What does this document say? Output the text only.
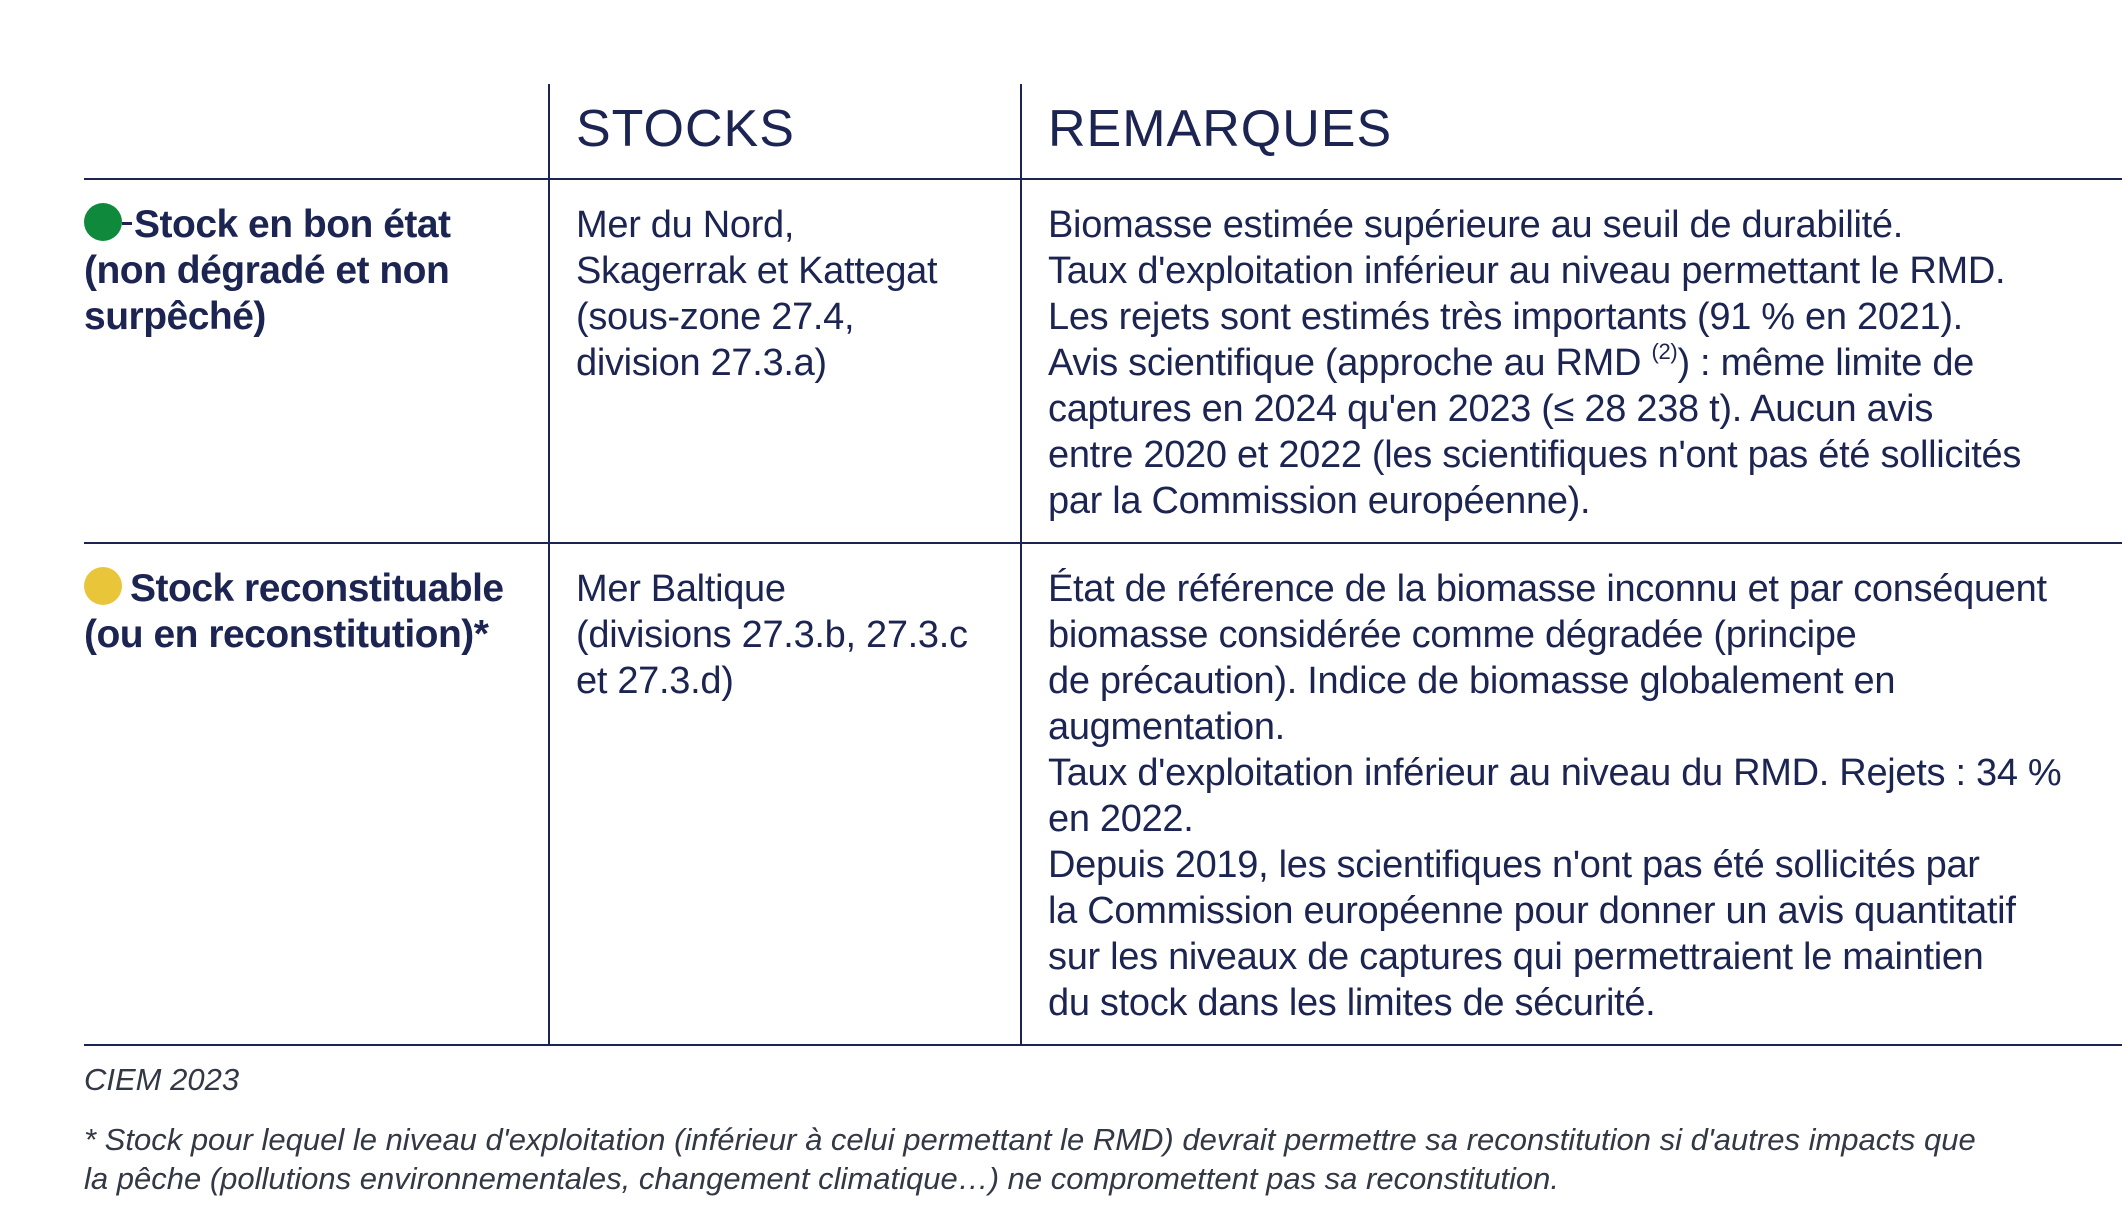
STOCKS	REMARQUES
Stock en bon état
(non dégradé et non
surpêché)
Mer du Nord,
Skagerrak et Kattegat
(sous-zone 27.4,
division 27.3.a)
Biomasse estimée supérieure au seuil de durabilité.
Taux d'exploitation inférieur au niveau permettant le RMD.
Les rejets sont estimés très importants (91 % en 2021).
Avis scientifique (approche au RMD $^{(2)}$) : même limite de
captures en 2024 qu'en 2023 (≤ 28 238 t). Aucun avis
entre 2020 et 2022 (les scientifiques n'ont pas été sollicités
par la Commission européenne).
Stock reconstituable
(ou en reconstitution)*
Mer Baltique
(divisions 27.3.b, 27.3.c
et 27.3.d)
État de référence de la biomasse inconnu et par conséquent
biomasse considérée comme dégradée (principe
de précaution). Indice de biomasse globalement en
augmentation.
Taux d'exploitation inférieur au niveau du RMD. Rejets : 34 %
en 2022.
Depuis 2019, les scientifiques n'ont pas été sollicités par
la Commission européenne pour donner un avis quantitatif
sur les niveaux de captures qui permettraient le maintien
du stock dans les limites de sécurité.
CIEM 2023
* Stock pour lequel le niveau d'exploitation (inférieur à celui permettant le RMD) devrait permettre sa reconstitution si d'autres impacts que
la pêche (pollutions environnementales, changement climatique…) ne compromettent pas sa reconstitution.
